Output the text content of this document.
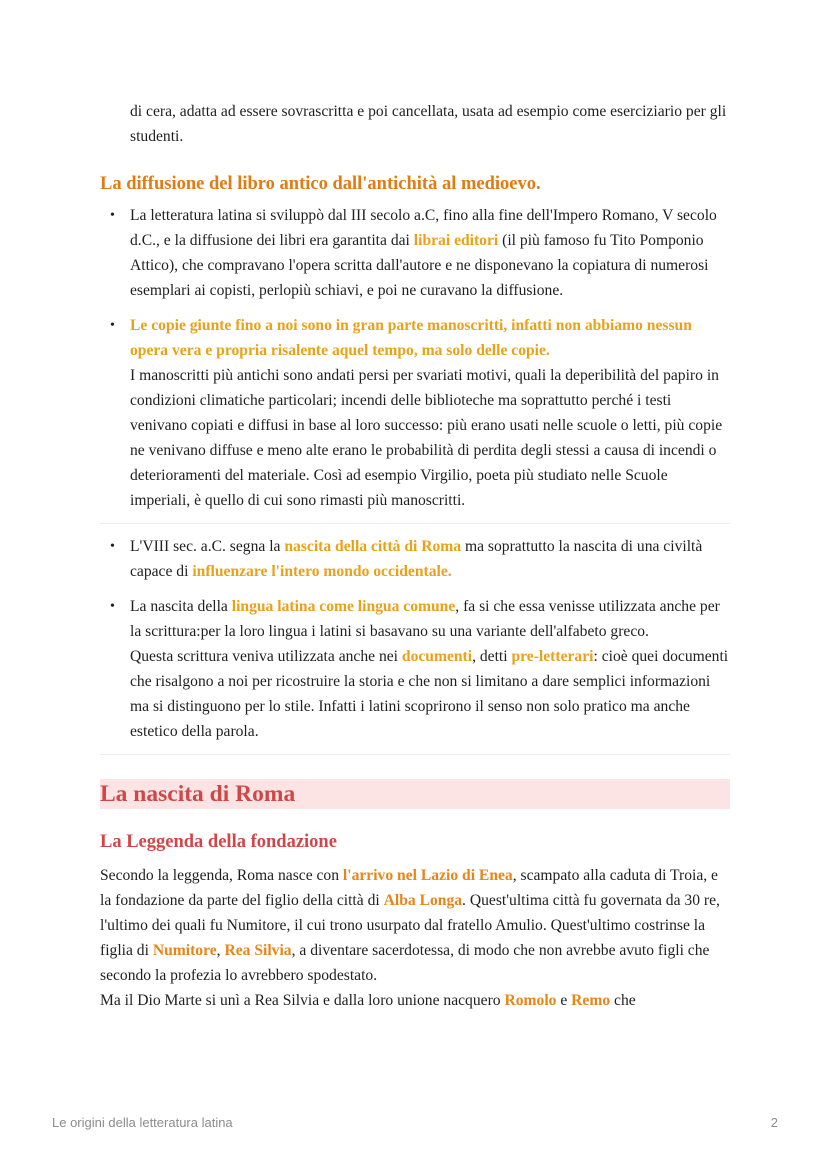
di cera, adatta ad essere sovrascritta e poi cancellata, usata ad esempio come eserciziario per gli studenti.

La diffusione del libro antico dall'antichità al medioevo.
• La letteratura latina si sviluppò dal III secolo a.C, fino alla fine dell'Impero Romano, V secolo d.C., e la diffusione dei libri era garantita dai librai editori (il più famoso fu Tito Pomponio Attico), che compravano l'opera scritta dall'autore e ne disponevano la copiatura di numerosi esemplari ai copisti, perlopiù schiavi, e poi ne curavano la diffusione.
• Le copie giunte fino a noi sono in gran parte manoscritti, infatti non abbiamo nessun opera vera e propria risalente aquel tempo, ma solo delle copie.
I manoscritti più antichi sono andati persi per svariati motivi, quali la deperibilità del papiro in condizioni climatiche particolari; incendi delle biblioteche ma soprattutto perché i testi venivano copiati e diffusi in base al loro successo: più erano usati nelle scuole o letti, più copie ne venivano diffuse e meno alte erano le probabilità di perdita degli stessi a causa di incendi o deterioramenti del materiale. Così ad esempio Virgilio, poeta più studiato nelle Scuole imperiali, è quello di cui sono rimasti più manoscritti.
• L'VIII sec. a.C. segna la nascita della città di Roma ma soprattutto la nascita di una civiltà capace di influenzare l'intero mondo occidentale.
• La nascita della lingua latina come lingua comune, fa si che essa venisse utilizzata anche per la scrittura:per la loro lingua i latini si basavano su una variante dell'alfabeto greco.
Questa scrittura veniva utilizzata anche nei documenti, detti pre-letterari: cioè quei documenti che risalgono a noi per ricostruire la storia e che non si limitano a dare semplici informazioni ma si distinguono per lo stile. Infatti i latini scoprirono il senso non solo pratico ma anche estetico della parola.
La nascita di Roma
La Leggenda della fondazione

Secondo la leggenda, Roma nasce con l'arrivo nel Lazio di Enea, scampato alla caduta di Troia, e la fondazione da parte del figlio della città di Alba Longa. Quest'ultima città fu governata da 30 re, l'ultimo dei quali fu Numitore, il cui trono usurpato dal fratello Amulio. Quest'ultimo costrinse la figlia di Numitore, Rea Silvia, a diventare sacerdotessa, di modo che non avrebbe avuto figli che secondo la profezia lo avrebbero spodestato.
Ma il Dio Marte si unì a Rea Silvia e dalla loro unione nacquero Romolo e Remo che

Le origini della letteratura latina	2
